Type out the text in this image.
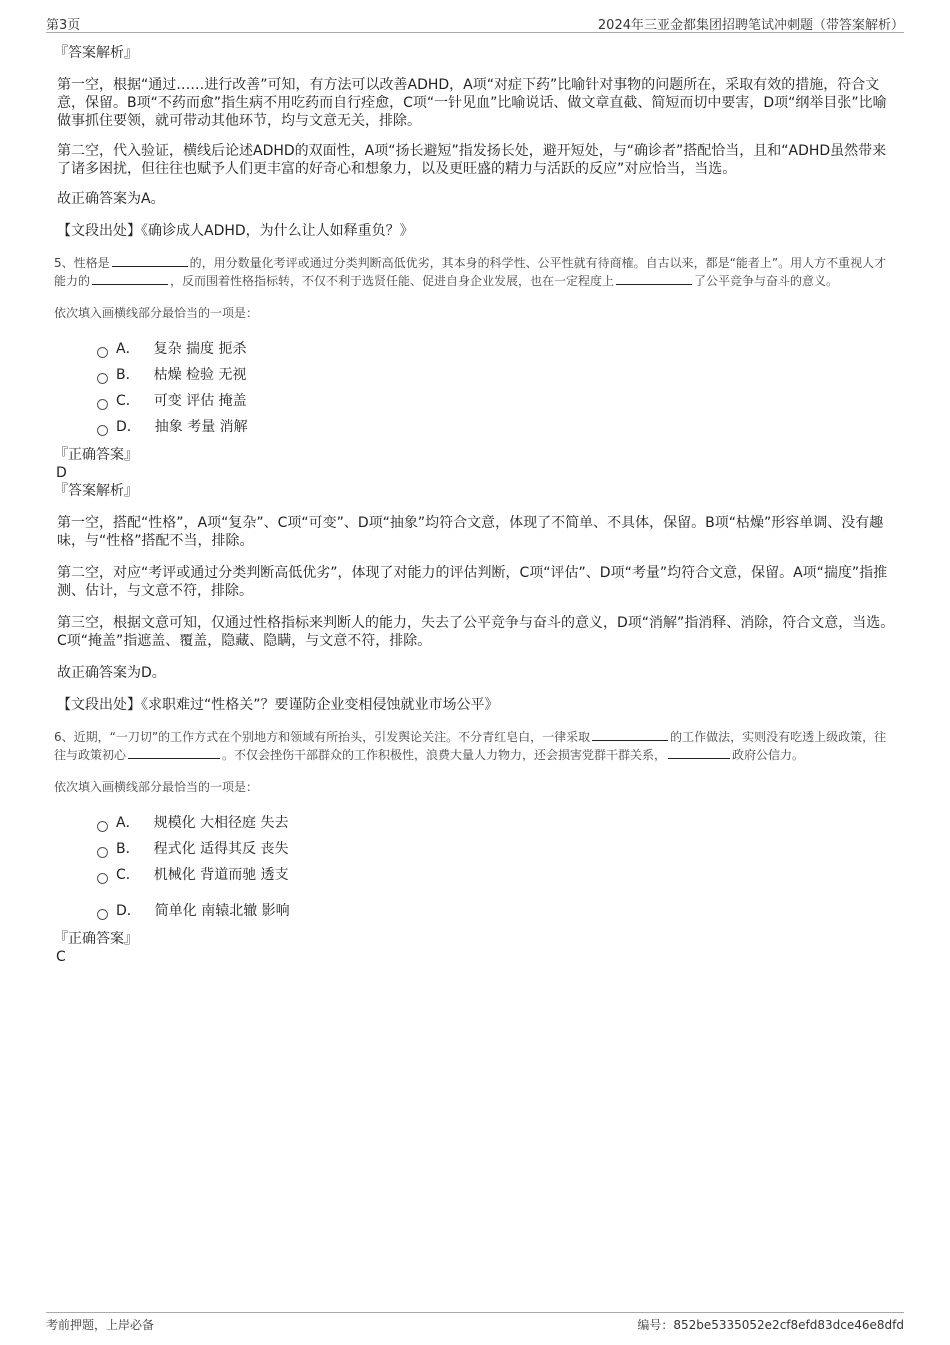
第3页	2024年三亚金都集团招聘笔试冲刺题（带答案解析）

『答案解析』

第一空，根据“通过……进行改善”可知，有方法可以改善ADHD，A项“对症下药”比喻针对事物的问题所在，采取有效的措施，符合文意，保留。B项“不药而愈”指生病不用吃药而自行痊愈，C项“一针见血”比喻说话、做文章直截、简短而切中要害，D项“纲举目张”比喻做事抓住要领，就可带动其他环节，均与文意无关，排除。

第二空，代入验证，横线后论述ADHD的双面性，A项“扬长避短”指发扬长处，避开短处，与“确诊者”搭配恰当，且和“ADHD虽然带来了诸多困扰，但往往也赋予人们更丰富的好奇心和想象力，以及更旺盛的精力与活跃的反应”对应恰当，当选。

故正确答案为A。

【文段出处】《确诊成人ADHD，为什么让人如释重负？》

5、性格是	的，用分数量化考评或通过分类判断高低优劣，其本身的科学性、公平性就有待商榷。自古以来，都是“能者上”。用人方不重视人才能力的	，反而围着性格指标转，不仅不利于选贤任能、促进自身企业发展，也在一定程度上	了公平竞争与奋斗的意义。

依次填入画横线部分最恰当的一项是：

A． 复杂 揣度 扼杀
B． 枯燥 检验 无视
C． 可变 评估 掩盖
D． 抽象 考量 消解

『正确答案』

D

『答案解析』

第一空，搭配“性格”，A项“复杂”、C项“可变”、D项“抽象”均符合文意，体现了不简单、不具体，保留。B项“枯燥”形容单调、没有趣味，与“性格”搭配不当，排除。

第二空，对应“考评或通过分类判断高低优劣”，体现了对能力的评估判断，C项“评估”、D项“考量”均符合文意，保留。A项“揣度”指推测、估计，与文意不符，排除。

第三空，根据文意可知，仅通过性格指标来判断人的能力，失去了公平竞争与奋斗的意义，D项“消解”指消释、消除，符合文意，当选。C项“掩盖”指遮盖、覆盖，隐藏、隐瞒，与文意不符，排除。

故正确答案为D。

【文段出处】《求职难过“性格关”？要谨防企业变相侵蚀就业市场公平》

6、近期，“一刀切”的工作方式在个别地方和领域有所抬头，引发舆论关注。不分青红皂白，一律采取	的工作做法，实则没有吃透上级政策，往往与政策初心	。不仅会挫伤干部群众的工作积极性，浪费大量人力物力，还会损害党群干群关系，	政府公信力。

依次填入画横线部分最恰当的一项是：

A． 规模化 大相径庭 失去
B． 程式化 适得其反 丧失
C． 机械化 背道而驰 透支
D． 简单化 南辕北辙 影响

『正确答案』

C

考前押题，上岸必备	编号：852be5335052e2cf8efd83dce46e8dfd
